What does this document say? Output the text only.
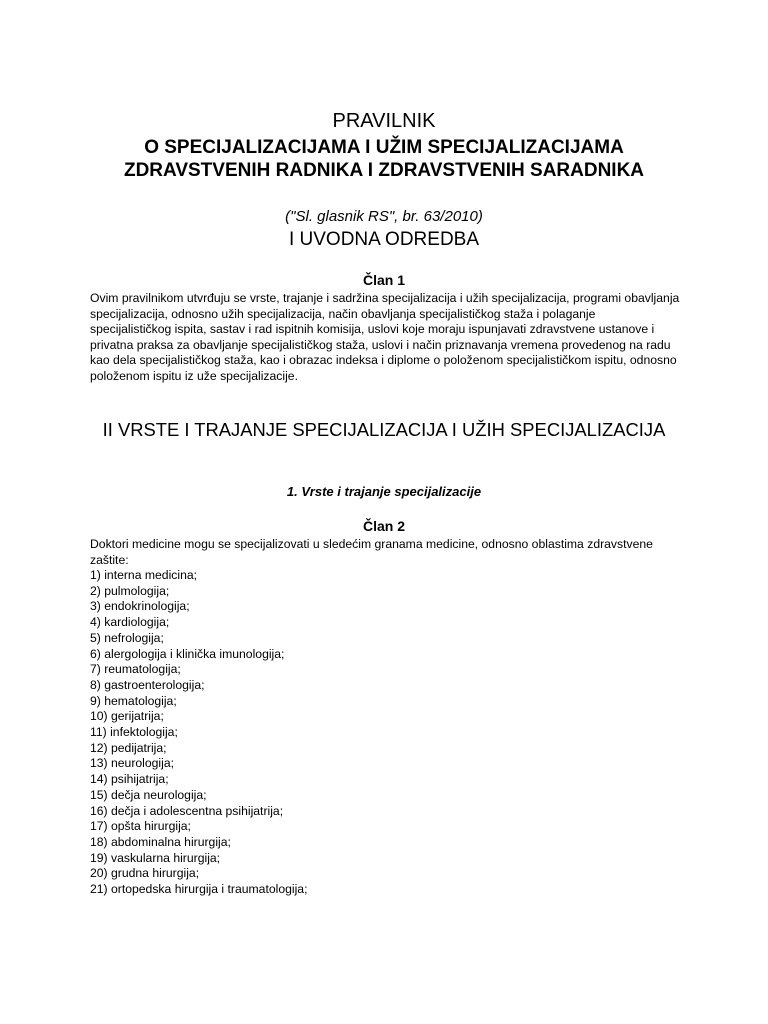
PRAVILNIK
O SPECIJALIZACIJAMA I UŽIM SPECIJALIZACIJAMA ZDRAVSTVENIH RADNIKA I ZDRAVSTVENIH SARADNIKA
("Sl. glasnik RS", br. 63/2010)
I UVODNA ODREDBA
Član 1
Ovim pravilnikom utvrđuju se vrste, trajanje i sadržina specijalizacija i užih specijalizacija, programi obavljanja specijalizacija, odnosno užih specijalizacija, način obavljanja specijalističkog staža i polaganje specijalističkog ispita, sastav i rad ispitnih komisija, uslovi koje moraju ispunjavati zdravstvene ustanove i privatna praksa za obavljanje specijalističkog staža, uslovi i način priznavanja vremena provedenog na radu kao dela specijalističkog staža, kao i obrazac indeksa i diplome o položenom specijalističkom ispitu, odnosno položenom ispitu iz uže specijalizacije.
II VRSTE I TRAJANJE SPECIJALIZACIJA I UŽIH SPECIJALIZACIJA
1. Vrste i trajanje specijalizacije
Član 2
Doktori medicine mogu se specijalizovati u sledećim granama medicine, odnosno oblastima zdravstvene zaštite:
1) interna medicina;
2) pulmologija;
3) endokrinologija;
4) kardiologija;
5) nefrologija;
6) alergologija i klinička imunologija;
7) reumatologija;
8) gastroenterologija;
9) hematologija;
10) gerijatrija;
11) infektologija;
12) pedijatrija;
13) neurologija;
14) psihijatrija;
15) dečja neurologija;
16) dečja i adolescentna psihijatrija;
17) opšta hirurgija;
18) abdominalna hirurgija;
19) vaskularna hirurgija;
20) grudna hirurgija;
21) ortopedska hirurgija i traumatologija;
